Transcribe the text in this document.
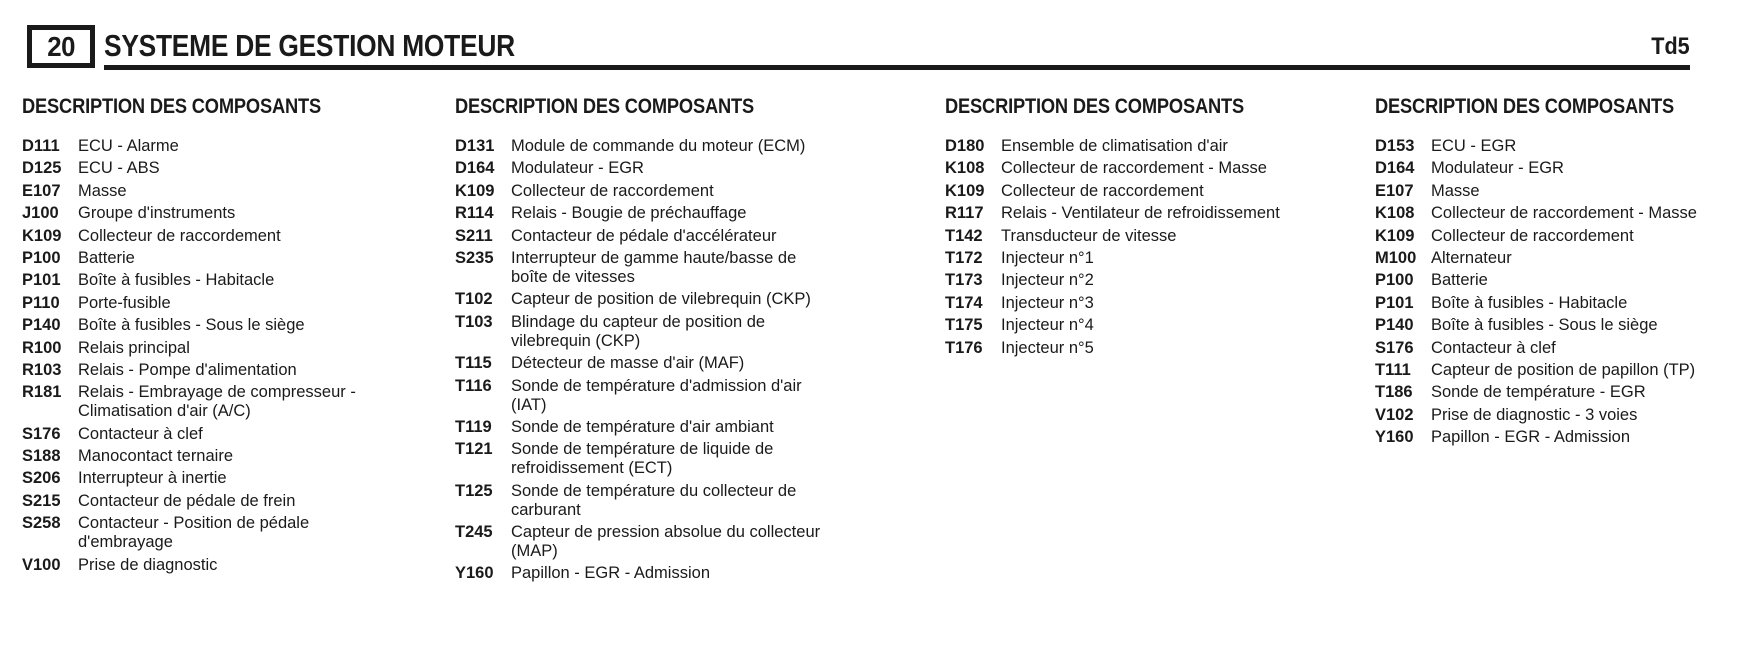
20 SYSTEME DE GESTION MOTEUR	Td5
DESCRIPTION DES COMPOSANTS
D111	ECU - Alarme
D125	ECU - ABS
E107	Masse
J100	Groupe d'instruments
K109	Collecteur de raccordement
P100	Batterie
P101	Boîte à fusibles - Habitacle
P110	Porte-fusible
P140	Boîte à fusibles - Sous le siège
R100	Relais principal
R103	Relais - Pompe d'alimentation
R181	Relais - Embrayage de compresseur -
Climatisation d'air (A/C)
S176	Contacteur à clef
S188	Manocontact ternaire
S206	Interrupteur à inertie
S215	Contacteur de pédale de frein
S258	Contacteur - Position de pédale
d'embrayage
V100	Prise de diagnostic
DESCRIPTION DES COMPOSANTS
D131	Module de commande du moteur (ECM)
D164	Modulateur - EGR
K109	Collecteur de raccordement
R114	Relais - Bougie de préchauffage
S211	Contacteur de pédale d'accélérateur
S235	Interrupteur de gamme haute/basse de
boîte de vitesses
T102	Capteur de position de vilebrequin (CKP)
T103	Blindage du capteur de position de
vilebrequin (CKP)
T115	Détecteur de masse d'air (MAF)
T116	Sonde de température d'admission d'air
(IAT)
T119	Sonde de température d'air ambiant
T121	Sonde de température de liquide de
refroidissement (ECT)
T125	Sonde de température du collecteur de
carburant
T245	Capteur de pression absolue du collecteur
(MAP)
Y160	Papillon - EGR - Admission
DESCRIPTION DES COMPOSANTS
D180	Ensemble de climatisation d'air
K108	Collecteur de raccordement - Masse
K109	Collecteur de raccordement
R117	Relais - Ventilateur de refroidissement
T142	Transducteur de vitesse
T172	Injecteur n°1
T173	Injecteur n°2
T174	Injecteur n°3
T175	Injecteur n°4
T176	Injecteur n°5
DESCRIPTION DES COMPOSANTS
D153	ECU - EGR
D164	Modulateur - EGR
E107	Masse
K108	Collecteur de raccordement - Masse
K109	Collecteur de raccordement
M100 Alternateur
P100	Batterie
P101	Boîte à fusibles - Habitacle
P140	Boîte à fusibles - Sous le siège
S176	Contacteur à clef
T111	Capteur de position de papillon (TP)
T186	Sonde de température - EGR
V102	Prise de diagnostic - 3 voies
Y160	Papillon - EGR - Admission
